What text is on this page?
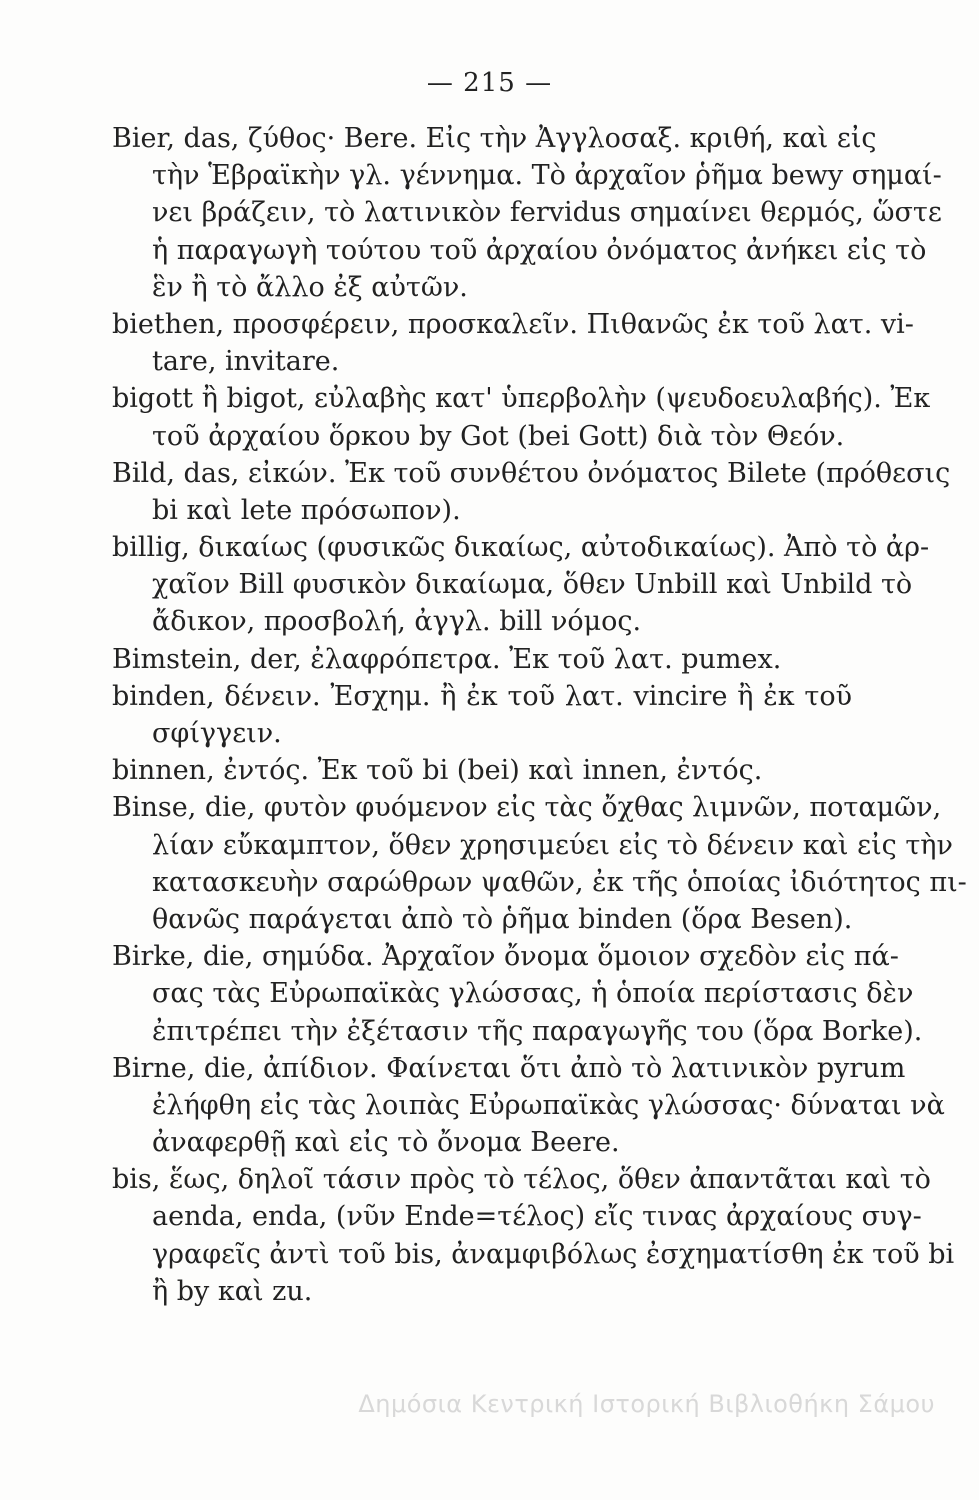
— 215 —
Bier, das, ζύθος· Bere. Εἰς τὴν Ἀγγλοσαξ. κριθή, καὶ εἰς
τὴν Ἑβραϊκὴν γλ. γέννημα. Τὸ ἀρχαῖον ῥῆμα bewy σημαί-
νει βράζειν, τὸ λατινικὸν fervidus σημαίνει θερμός, ὥστε
ἡ παραγωγὴ τούτου τοῦ ἀρχαίου ὀνόματος ἀνήκει εἰς τὸ
ἓν ἢ τὸ ἄλλο ἐξ αὐτῶν.
biethen, προσφέρειν, προσκαλεῖν. Πιθανῶς ἐκ τοῦ λατ. vi-
tare, invitare.
bigott ἢ bigot, εὐλαβὴς κατ' ὑπερβολὴν (ψευδοευλαβής). Ἐκ
τοῦ ἀρχαίου ὅρκου by Got (bei Gott) διὰ τὸν Θεόν.
Bild, das, εἰκών. Ἐκ τοῦ συνθέτου ὀνόματος Bilete (πρόθεσις
bi καὶ lete πρόσωπον).
billig, δικαίως (φυσικῶς δικαίως, αὐτοδικαίως). Ἀπὸ τὸ ἀρ-
χαῖον Bill φυσικὸν δικαίωμα, ὅθεν Unbill καὶ Unbild τὸ
ἄδικον, προσβολή, ἀγγλ. bill νόμος.
Bimstein, der, ἐλαφρόπετρα. Ἐκ τοῦ λατ. pumex.
binden, δένειν. Ἐσχημ. ἢ ἐκ τοῦ λατ. vincire ἢ ἐκ τοῦ
σφίγγειν.
binnen, ἐντός. Ἐκ τοῦ bi (bei) καὶ innen, ἐντός.
Binse, die, φυτὸν φυόμενον εἰς τὰς ὄχθας λιμνῶν, ποταμῶν,
λίαν εὔκαμπτον, ὅθεν χρησιμεύει εἰς τὸ δένειν καὶ εἰς τὴν
κατασκευὴν σαρώθρων ψαθῶν, ἐκ τῆς ὁποίας ἰδιότητος πι-
θανῶς παράγεται ἀπὸ τὸ ῥῆμα binden (ὅρα Besen).
Birke, die, σημύδα. Ἀρχαῖον ὄνομα ὅμοιον σχεδὸν εἰς πά-
σας τὰς Εὐρωπαϊκὰς γλώσσας, ἡ ὁποία περίστασις δὲν
ἐπιτρέπει τὴν ἐξέτασιν τῆς παραγωγῆς του (ὅρα Borke).
Birne, die, ἀπίδιον. Φαίνεται ὅτι ἀπὸ τὸ λατινικὸν pyrum
ἐλήφθη εἰς τὰς λοιπὰς Εὐρωπαϊκὰς γλώσσας· δύναται νὰ
ἀναφερθῇ καὶ εἰς τὸ ὄνομα Beere.
bis, ἕως, δηλοῖ τάσιν πρὸς τὸ τέλος, ὅθεν ἀπαντᾶται καὶ τὸ
aenda, enda, (νῦν Ende=τέλος) εἴς τινας ἀρχαίους συγ-
γραφεῖς ἀντὶ τοῦ bis, ἀναμφιβόλως ἐσχηματίσθη ἐκ τοῦ bi
ἢ by καὶ zu.
Δημόσια Κεντρική Ιστορική Βιβλιοθήκη Σάμου
